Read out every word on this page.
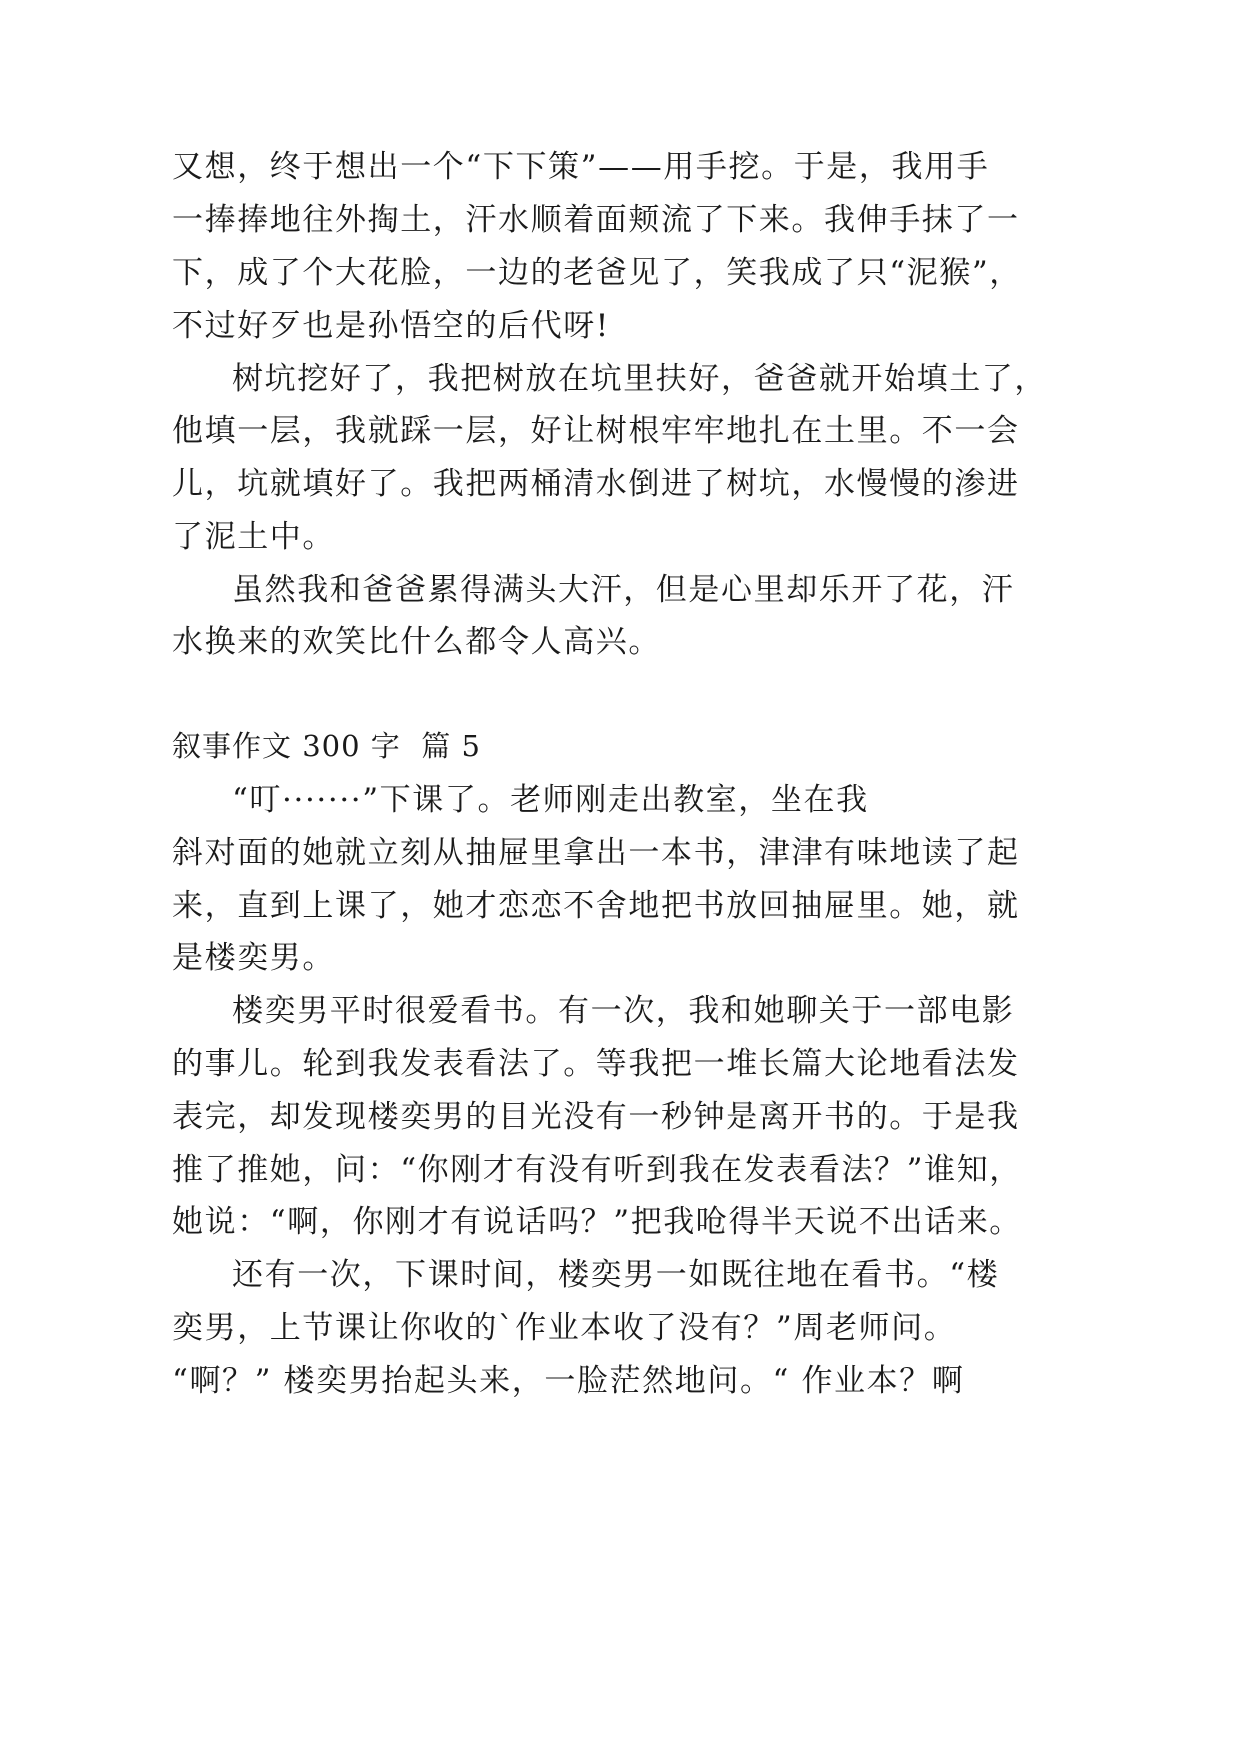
又想，终于想出一个“下下策”——用手挖。于是，我用手
一捧捧地往外掏土，汗水顺着面颊流了下来。我伸手抹了一
下，成了个大花脸，一边的老爸见了，笑我成了只“泥猴”，
不过好歹也是孙悟空的后代呀!
树坑挖好了，我把树放在坑里扶好，爸爸就开始填土了，
他填一层，我就踩一层，好让树根牢牢地扎在土里。不一会
儿，坑就填好了。我把两桶清水倒进了树坑，水慢慢的渗进
了泥土中。
虽然我和爸爸累得满头大汗，但是心里却乐开了花，汗
水换来的欢笑比什么都令人高兴。
叙事作文 300 字  篇 5
“叮·······”下课了。老师刚走出教室，坐在我
斜对面的她就立刻从抽屉里拿出一本书，津津有味地读了起
来，直到上课了，她才恋恋不舍地把书放回抽屉里。她，就
是楼奕男。
楼奕男平时很爱看书。有一次，我和她聊关于一部电影
的事儿。轮到我发表看法了。等我把一堆长篇大论地看法发
表完，却发现楼奕男的目光没有一秒钟是离开书的。于是我
推了推她，问：“你刚才有没有听到我在发表看法？”谁知，
她说：“啊，你刚才有说话吗？”把我呛得半天说不出话来。
还有一次，下课时间，楼奕男一如既往地在看书。“楼
奕男，上节课让你收的`作业本收了没有？”周老师问。
“啊？” 楼奕男抬起头来，一脸茫然地问。“ 作业本？啊
